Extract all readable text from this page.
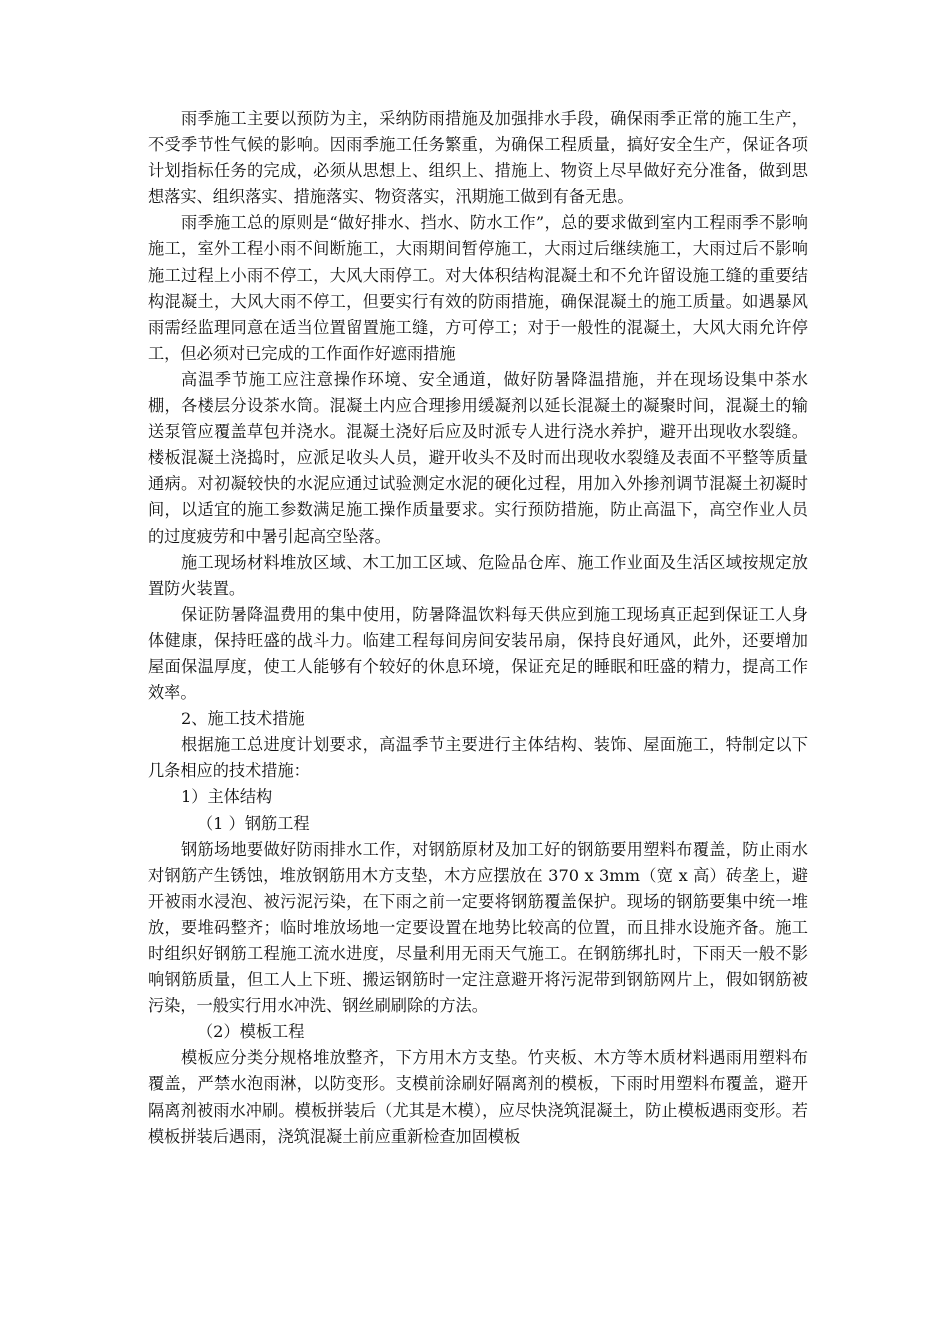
雨季施工主要以预防为主，采纳防雨措施及加强排水手段，确保雨季正常的施工生产，不受季节性气候的影响。因雨季施工任务繁重，为确保工程质量，搞好安全生产，保证各项计划指标任务的完成，必须从思想上、组织上、措施上、物资上尽早做好充分准备，做到思想落实、组织落实、措施落实、物资落实，汛期施工做到有备无患。

雨季施工总的原则是“做好排水、挡水、防水工作”，总的要求做到室内工程雨季不影响施工，室外工程小雨不间断施工，大雨期间暂停施工，大雨过后继续施工，大雨过后不影响施工过程上小雨不停工，大风大雨停工。对大体积结构混凝土和不允许留设施工缝的重要结构混凝土，大风大雨不停工，但要实行有效的防雨措施，确保混凝土的施工质量。如遇暴风雨需经监理同意在适当位置留置施工缝，方可停工；对于一般性的混凝土，大风大雨允许停工，但必须对已完成的工作面作好遮雨措施

高温季节施工应注意操作环境、安全通道，做好防暑降温措施，并在现场设集中茶水棚，各楼层分设茶水筒。混凝土内应合理掺用缓凝剂以延长混凝土的凝聚时间，混凝土的输送泵管应覆盖草包并浇水。混凝土浇好后应及时派专人进行浇水养护，避开出现收水裂缝。楼板混凝土浇捣时，应派足收头人员，避开收头不及时而出现收水裂缝及表面不平整等质量通病。对初凝较快的水泥应通过试验测定水泥的硬化过程，用加入外掺剂调节混凝土初凝时间，以适宜的施工参数满足施工操作质量要求。实行预防措施，防止高温下，高空作业人员的过度疲劳和中暑引起高空坠落。

施工现场材料堆放区域、木工加工区域、危险品仓库、施工作业面及生活区域按规定放置防火装置。

保证防暑降温费用的集中使用，防暑降温饮料每天供应到施工现场真正起到保证工人身体健康，保持旺盛的战斗力。临建工程每间房间安装吊扇，保持良好通风，此外，还要增加屋面保温厚度，使工人能够有个较好的休息环境，保证充足的睡眠和旺盛的精力，提高工作效率。

2、施工技术措施

根据施工总进度计划要求，高温季节主要进行主体结构、装饰、屋面施工，特制定以下几条相应的技术措施：

1）主体结构

（1 ）钢筋工程

钢筋场地要做好防雨排水工作，对钢筋原材及加工好的钢筋要用塑料布覆盖，防止雨水对钢筋产生锈蚀，堆放钢筋用木方支垫，木方应摆放在 370 x 3mm（宽 x 高）砖垄上，避开被雨水浸泡、被污泥污染，在下雨之前一定要将钢筋覆盖保护。现场的钢筋要集中统一堆放，要堆码整齐；临时堆放场地一定要设置在地势比较高的位置，而且排水设施齐备。施工时组织好钢筋工程施工流水进度，尽量利用无雨天气施工。在钢筋绑扎时，下雨天一般不影响钢筋质量，但工人上下班、搬运钢筋时一定注意避开将污泥带到钢筋网片上，假如钢筋被污染，一般实行用水冲洗、钢丝刷刷除的方法。

（2）模板工程

模板应分类分规格堆放整齐，下方用木方支垫。竹夹板、木方等木质材料遇雨用塑料布覆盖，严禁水泡雨淋，以防变形。支模前涂刷好隔离剂的模板，下雨时用塑料布覆盖，避开隔离剂被雨水冲刷。模板拼装后（尤其是木模），应尽快浇筑混凝土，防止模板遇雨变形。若模板拼装后遇雨，浇筑混凝土前应重新检查加固模板
